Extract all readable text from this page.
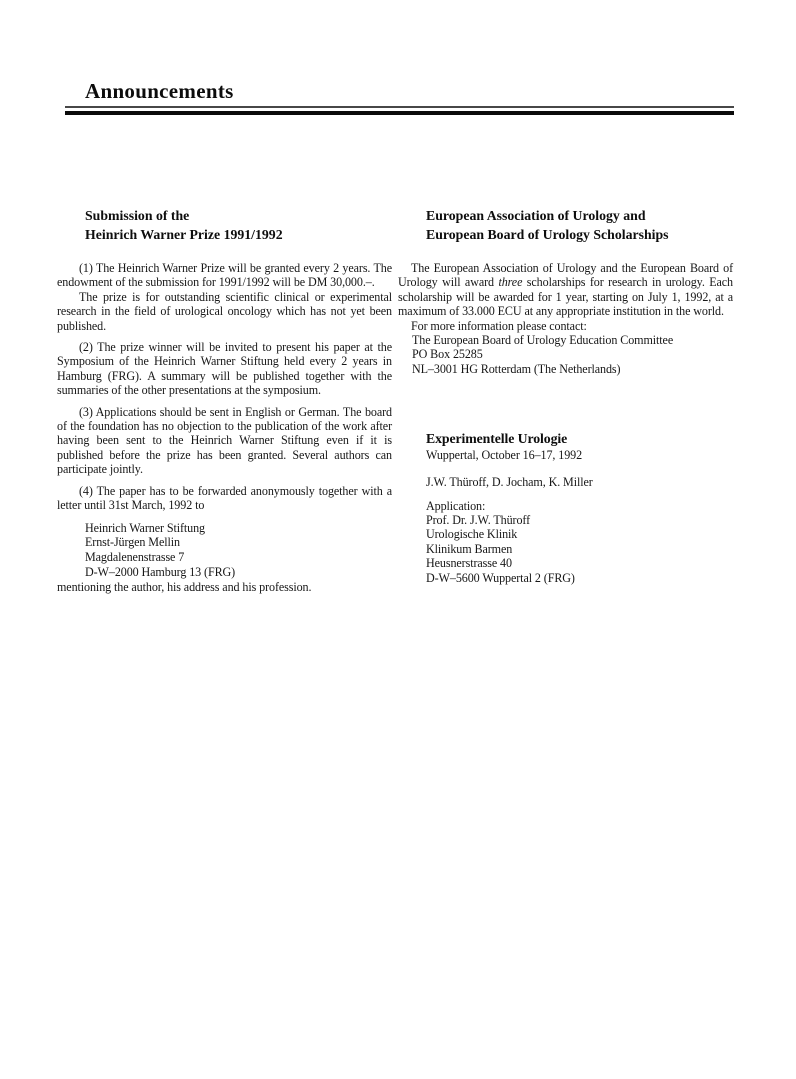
Announcements
Submission of the
Heinrich Warner Prize 1991/1992

(1) The Heinrich Warner Prize will be granted every 2 years. The endowment of the submission for 1991/1992 will be DM 30,000.–.

The prize is for outstanding scientific clinical or experimental research in the field of urological oncology which has not yet been published.

(2) The prize winner will be invited to present his paper at the Symposium of the Heinrich Warner Stiftung held every 2 years in Hamburg (FRG). A summary will be published together with the summaries of the other presentations at the symposium.

(3) Applications should be sent in English or German. The board of the foundation has no objection to the publication of the work after having been sent to the Heinrich Warner Stiftung even if it is published before the prize has been granted. Several authors can participate jointly.

(4) The paper has to be forwarded anonymously together with a letter until 31st March, 1992 to

Heinrich Warner Stiftung
Ernst-Jürgen Mellin
Magdalenenstrasse 7
D-W–2000 Hamburg 13 (FRG)

mentioning the author, his address and his profession.

European Association of Urology and
European Board of Urology Scholarships

The European Association of Urology and the European Board of Urology will award three scholarships for research in urology. Each scholarship will be awarded for 1 year, starting on July 1, 1992, at a maximum of 33.000 ECU at any appropriate institution in the world.

For more information please contact:

The European Board of Urology Education Committee
PO Box 25285
NL–3001 HG Rotterdam (The Netherlands)
Experimentelle Urologie
Wuppertal, October 16–17, 1992
J.W. Thüroff, D. Jocham, K. Miller
Application:
Prof. Dr. J.W. Thüroff
Urologische Klinik
Klinikum Barmen
Heusnerstrasse 40
D-W–5600 Wuppertal 2 (FRG)
